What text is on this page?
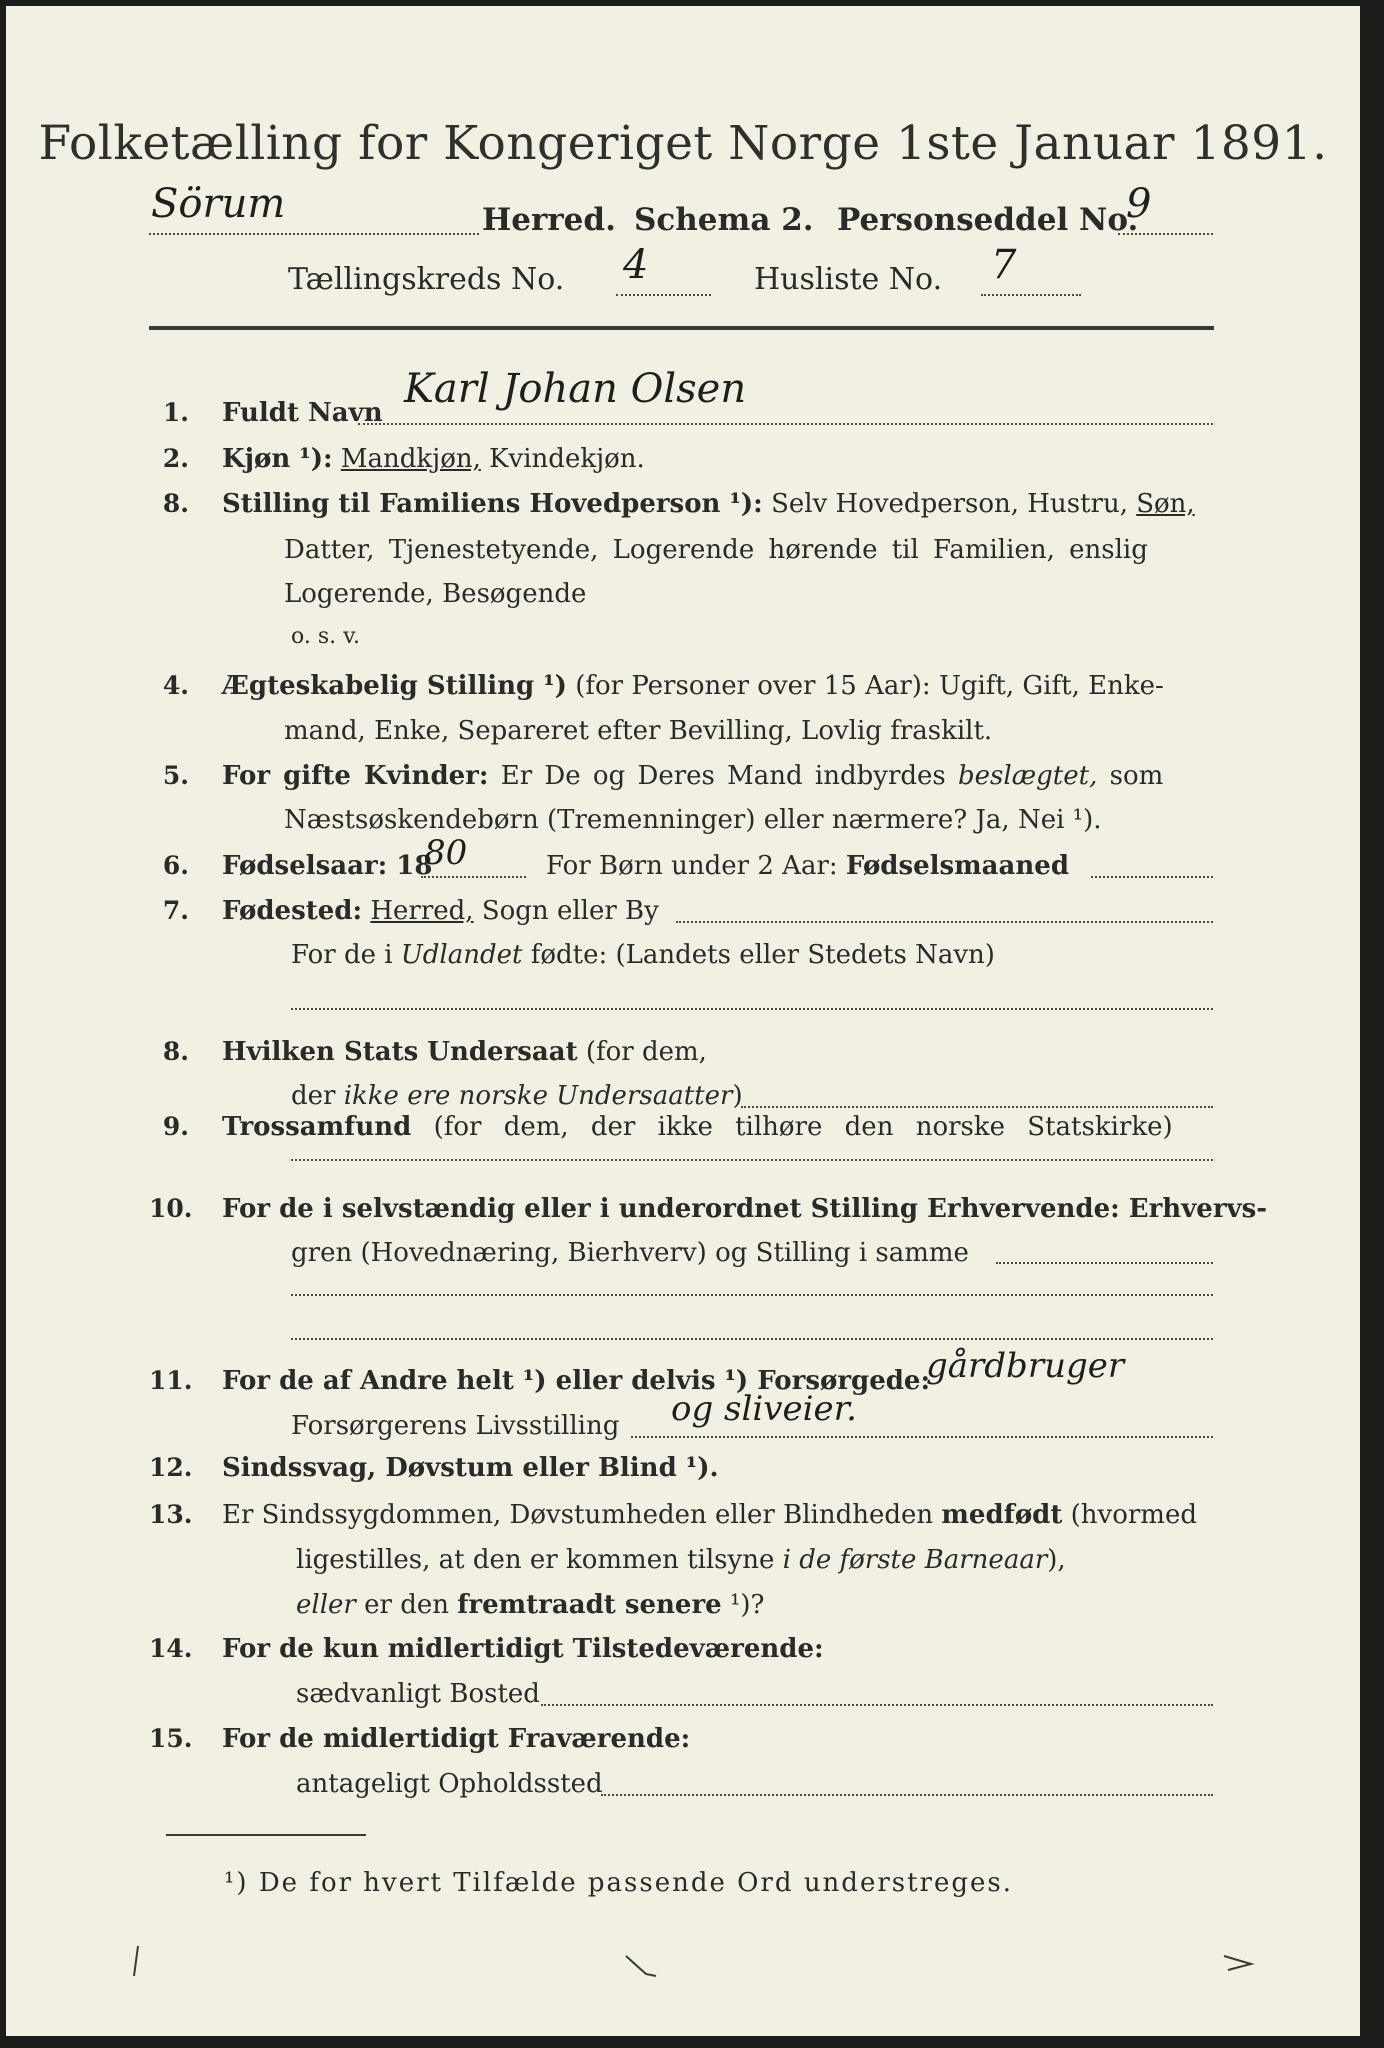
Folketælling for Kongeriget Norge 1ste Januar 1891.
Sörum	Herred. Schema 2. Personseddel No.
9
Tællingskreds No. 4	Husliste No. 7
1. Fuldt Navn
Karl Johan Olsen
2. Kjøn ¹): Mandkjøn, Kvindekjøn.
8. Stilling til Familiens Hovedperson ¹): Selv Hovedperson, Hustru, Søn,
Datter, Tjenestetyende, Logerende hørende til Familien, enslig
Logerende, Besøgende
o. s. v.
4. Ægteskabelig Stilling ¹) (for Personer over 15 Aar): Ugift, Gift, Enke-
mand, Enke, Separeret efter Bevilling, Lovlig fraskilt.
5. For gifte Kvinder: Er De og Deres Mand indbyrdes beslægtet, som
Næstsøskendebørn (Tremenninger) eller nærmere? Ja, Nei ¹).
6. Fødselsaar: 18
80	For Børn under 2 Aar: Fødselsmaaned
7. Fødested: Herred, Sogn eller By
For de i Udlandet fødte: (Landets eller Stedets Navn)
8. Hvilken Stats Undersaat (for dem,
der ikke ere norske Undersaatter)
9. Trossamfund (for dem, der ikke tilhøre den norske Statskirke)
10. For de i selvstændig eller i underordnet Stilling Erhvervende: Erhvervs-
gren (Hovednæring, Bierhverv) og Stilling i samme
11. For de af Andre helt ¹) eller delvis ¹) Forsørgede:
gårdbruger
Forsørgerens Livsstilling og sliveier.
12. Sindssvag, Døvstum eller Blind ¹).
13. Er Sindssygdommen, Døvstumheden eller Blindheden medfødt (hvormed
ligestilles, at den er kommen tilsyne i de første Barneaar),
eller er den fremtraadt senere ¹)?
14. For de kun midlertidigt Tilstedeværende:
sædvanligt Bosted
15. For de midlertidigt Fraværende:
antageligt Opholdssted
¹) De for hvert Tilfælde passende Ord understreges.
